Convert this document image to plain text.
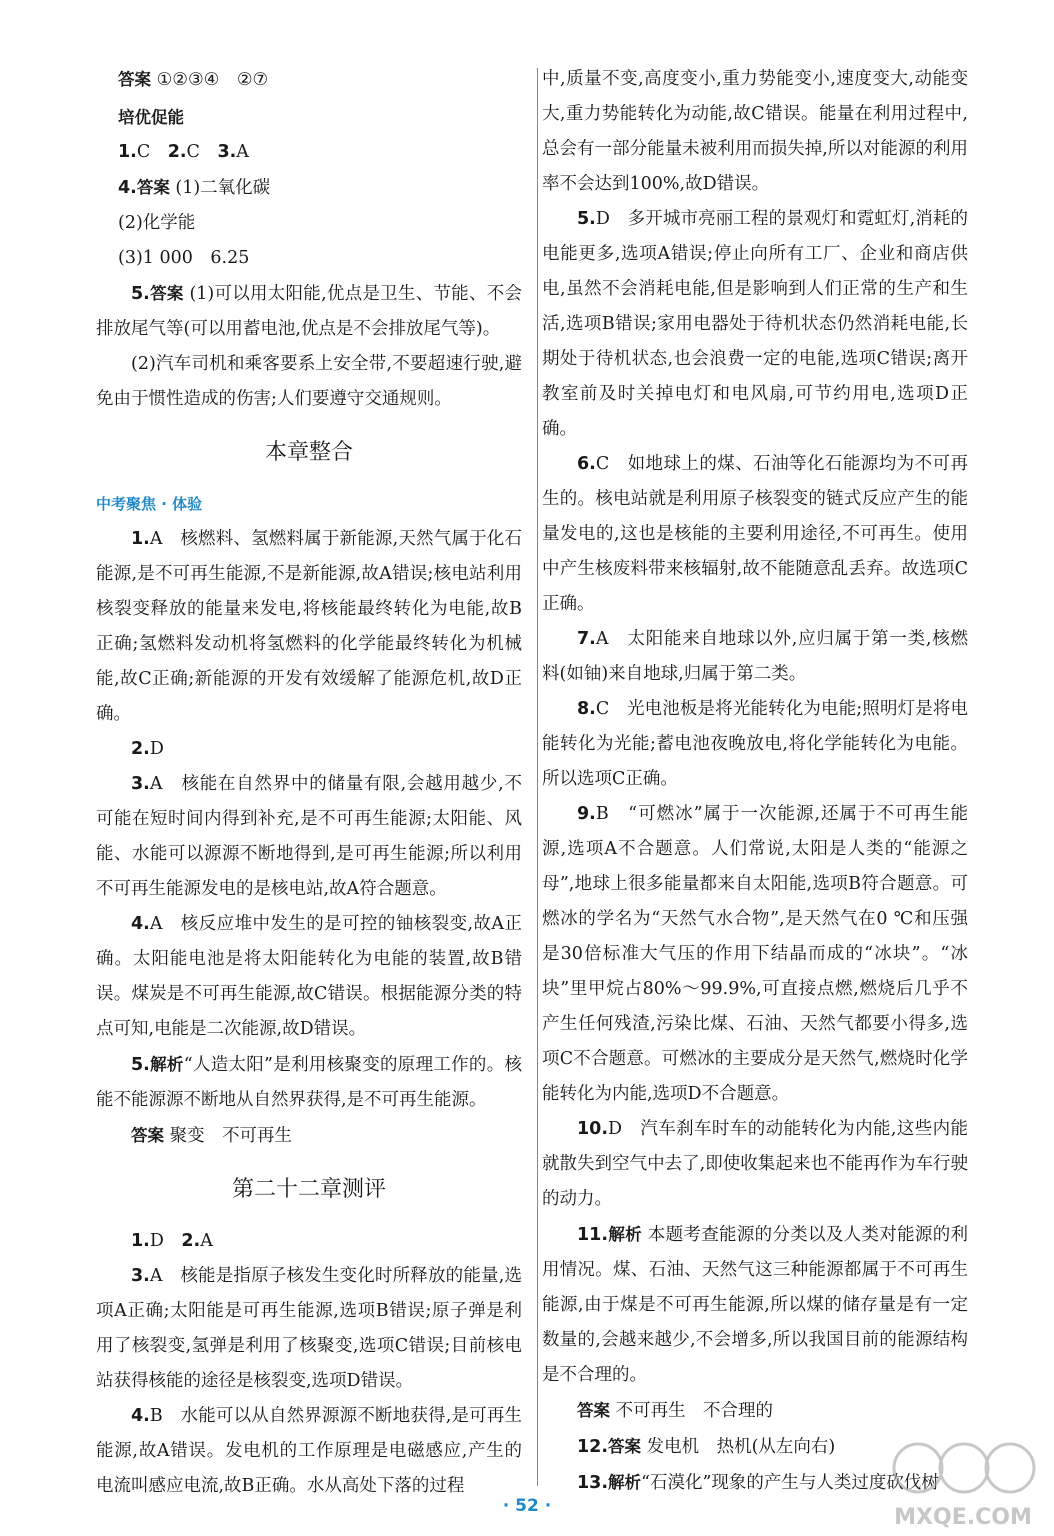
答案 ①②③④　②⑦

培优促能

1.C　2.C　3.A

4.答案 (1)二氧化碳

(2)化学能

(3)1 000　6.25

5.答案 (1)可以用太阳能,优点是卫生、节能、不会排放尾气等(可以用蓄电池,优点是不会排放尾气等)。

(2)汽车司机和乘客要系上安全带,不要超速行驶,避免由于惯性造成的伤害;人们要遵守交通规则。

本章整合

中考聚焦 · 体验

1.A　核燃料、氢燃料属于新能源,天然气属于化石能源,是不可再生能源,不是新能源,故A错误;核电站利用核裂变释放的能量来发电,将核能最终转化为电能,故B正确;氢燃料发动机将氢燃料的化学能最终转化为机械能,故C正确;新能源的开发有效缓解了能源危机,故D正确。

2.D

3.A　核能在自然界中的储量有限,会越用越少,不可能在短时间内得到补充,是不可再生能源;太阳能、风能、水能可以源源不断地得到,是可再生能源;所以利用不可再生能源发电的是核电站,故A符合题意。

4.A　核反应堆中发生的是可控的铀核裂变,故A正确。太阳能电池是将太阳能转化为电能的装置,故B错误。煤炭是不可再生能源,故C错误。根据能源分类的特点可知,电能是二次能源,故D错误。

5.解析“人造太阳”是利用核聚变的原理工作的。核能不能源源不断地从自然界获得,是不可再生能源。

答案 聚变　不可再生

第二十二章测评

1.D　2.A

3.A　核能是指原子核发生变化时所释放的能量,选项A正确;太阳能是可再生能源,选项B错误;原子弹是利用了核裂变,氢弹是利用了核聚变,选项C错误;目前核电站获得核能的途径是核裂变,选项D错误。

4.B　水能可以从自然界源源不断地获得,是可再生能源,故A错误。发电机的工作原理是电磁感应,产生的电流叫感应电流,故B正确。水从高处下落的过程

中,质量不变,高度变小,重力势能变小,速度变大,动能变大,重力势能转化为动能,故C错误。能量在利用过程中,总会有一部分能量未被利用而损失掉,所以对能源的利用率不会达到100%,故D错误。

5.D　多开城市亮丽工程的景观灯和霓虹灯,消耗的电能更多,选项A错误;停止向所有工厂、企业和商店供电,虽然不会消耗电能,但是影响到人们正常的生产和生活,选项B错误;家用电器处于待机状态仍然消耗电能,长期处于待机状态,也会浪费一定的电能,选项C错误;离开教室前及时关掉电灯和电风扇,可节约用电,选项D正确。

6.C　如地球上的煤、石油等化石能源均为不可再生的。核电站就是利用原子核裂变的链式反应产生的能量发电的,这也是核能的主要利用途径,不可再生。使用中产生核废料带来核辐射,故不能随意乱丢弃。故选项C正确。

7.A　太阳能来自地球以外,应归属于第一类,核燃料(如铀)来自地球,归属于第二类。

8.C　光电池板是将光能转化为电能;照明灯是将电能转化为光能;蓄电池夜晚放电,将化学能转化为电能。所以选项C正确。

9.B　“可燃冰”属于一次能源,还属于不可再生能源,选项A不合题意。人们常说,太阳是人类的“能源之母”,地球上很多能量都来自太阳能,选项B符合题意。可燃冰的学名为“天然气水合物”,是天然气在0 ℃和压强是30倍标准大气压的作用下结晶而成的“冰块”。“冰块”里甲烷占80%～99.9%,可直接点燃,燃烧后几乎不产生任何残渣,污染比煤、石油、天然气都要小得多,选项C不合题意。可燃冰的主要成分是天然气,燃烧时化学能转化为内能,选项D不合题意。

10.D　汽车刹车时车的动能转化为内能,这些内能就散失到空气中去了,即使收集起来也不能再作为车行驶的动力。

11.解析 本题考查能源的分类以及人类对能源的利用情况。煤、石油、天然气这三种能源都属于不可再生能源,由于煤是不可再生能源,所以煤的储存量是有一定数量的,会越来越少,不会增多,所以我国目前的能源结构是不合理的。

答案 不可再生　不合理的

12.答案 发电机　热机(从左向右)

13.解析“石漠化”现象的产生与人类过度砍伐树

· 52 ·	MXQE.COM
